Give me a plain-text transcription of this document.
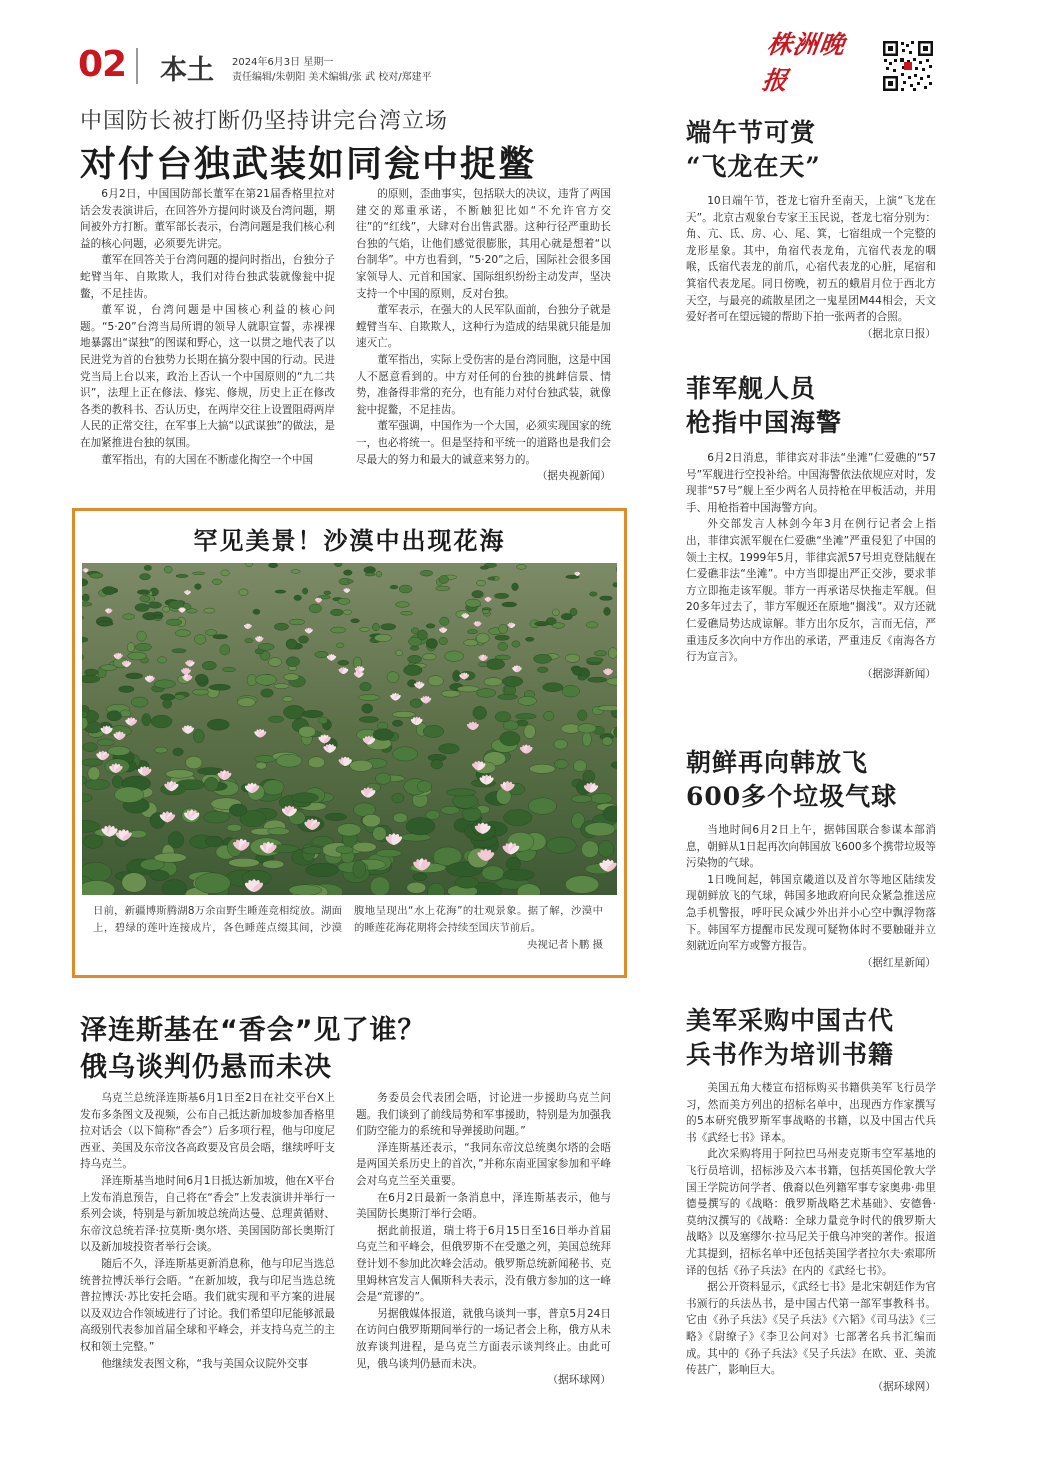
02 本土 2024年6月3日 星期一
责任编辑/朱朝阳 美术编辑/张 武 校对/郑建平
株洲晚报
中国防长被打断仍坚持讲完台湾立场
对付台独武装如同瓮中捉鳖

6月2日，中国国防部长董军在第21届香格里拉对话会发表演讲后，在回答外方提问时谈及台湾问题，期间被外方打断。董军部长表示，台湾问题是我们核心利益的核心问题，必须要先讲完。

董军在回答关于台湾问题的提问时指出，台独分子蛇臂当年、自欺欺人，我们对待台独武装就像瓮中捉鳖，不足挂齿。

董军说，台湾问题是中国核心利益的核心问题。“5·20”台湾当局所谓的领导人就职宣誓，赤裸裸地暴露出“谋独”的图谋和野心，这一以贯之地代表了以民进党为首的台独势力长期在搞分裂中国的行动。民进党当局上台以来，政治上否认一个中国原则的“九二共识”，法理上正在修法、修宪、修规，历史上正在修改各类的教科书、否认历史，在两岸交往上设置阻碍两岸人民的正常交往，在军事上大搞“以武谋独”的做法，是在加紧推进台独的氛围。

董军指出，有的大国在不断虚化掏空一个中国

的原则，歪曲事实，包括联大的决议，违背了两国建交的郑重承诺，不断触犯比如“不允许官方交往”的“红线”，大肆对台出售武器。这种行径严重助长台独的气焰，让他们感觉很膨胀，其用心就是想着“以台制华”。中方也看到，“5·20”之后，国际社会很多国家领导人、元首和国家、国际组织纷纷主动发声，坚决支持一个中国的原则，反对台独。

董军表示，在强大的人民军队面前，台独分子就是螳臂当车、自欺欺人，这种行为造成的结果就只能是加速灭亡。

董军指出，实际上受伤害的是台湾同胞，这是中国人不愿意看到的。中方对任何的台独的挑衅信景、情势，准备得非常的充分，也有能力对付台独武装，就像瓮中捉鳖，不足挂齿。

董军强调，中国作为一个大国，必须实现国家的统一，也必将统一。但是坚持和平统一的道路也是我们会尽最大的努力和最大的诚意来努力的。

（据央视新闻）
罕见美景！沙漠中出现花海
日前，新疆博斯腾湖8万余亩野生睡莲竞相绽放。湖面上，碧绿的莲叶连接成片，各色睡莲点缀其间，沙漠腹地呈现出“水上花海”的壮观景象。据了解，沙漠中的睡莲花海花期将会持续至国庆节前后。
央视记者卜鹏 摄
泽连斯基在“香会”见了谁？
俄乌谈判仍悬而未决

乌克兰总统泽连斯基6月1日至2日在社交平台X上发布多条图文及视频，公布自己抵达新加坡参加香格里拉对话会（以下简称“香会”）后多项行程，他与印度尼西亚、美国及东帝汶各高政要及官员会晤，继续呼吁支持乌克兰。

泽连斯基当地时间6月1日抵达新加坡，他在X平台上发布消息预告，自己将在“香会”上发表演讲并举行一系列会谈，特别是与新加坡总统尚达曼、总理黄循财、东帝汶总统若泽·拉莫斯·奥尔塔、美国国防部长奥斯汀以及新加坡投资者举行会谈。

随后不久，泽连斯基更新消息称，他与印尼当选总统普拉博沃举行会晤。“在新加坡，我与印尼当选总统普拉博沃·苏比安托会晤。我们就实现和平方案的进展以及双边合作领域进行了讨论。我们希望印尼能够派最高级别代表参加首届全球和平峰会，并支持乌克兰的主权和领土完整。”

他继续发表图文称，“我与美国众议院外交事

务委员会代表团会晤，讨论进一步援助乌克兰问题。我们谈到了前线局势和军事援助，特别是为加强我们防空能力的系统和导弹援助问题。”

泽连斯基还表示，“我同东帝汶总统奥尔塔的会晤是两国关系历史上的首次，”并称东南亚国家参加和平峰会对乌克兰至关重要。

在6月2日最新一条消息中，泽连斯基表示，他与美国防长奥斯汀举行会晤。

据此前报道，瑞士将于6月15日至16日举办首届乌克兰和平峰会，但俄罗斯不在受邀之列，美国总统拜登计划不参加此次峰会活动。俄罗斯总统新闻秘书、克里姆林宫发言人佩斯科夫表示，没有俄方参加的这一峰会是“荒谬的”。

另据俄媒体报道，就俄乌谈判一事，普京5月24日在访问白俄罗斯期间举行的一场记者会上称，俄方从未放弃谈判进程，是乌克兰方面表示谈判终止。由此可见，俄乌谈判仍悬而未决。

（据环球网）
端午节可赏
“飞龙在天”

10日端午节，苍龙七宿升至南天，上演“飞龙在天”。北京古观象台专家王玉民说，苍龙七宿分别为：角、亢、氐、房、心、尾、箕，七宿组成一个完整的龙形星象。其中，角宿代表龙角，亢宿代表龙的咽喉，氐宿代表龙的前爪，心宿代表龙的心脏，尾宿和箕宿代表龙尾。同日傍晚，初五的蛾眉月位于西北方天空，与最亮的疏散星团之一鬼星团M44相会，天文爱好者可在望远镜的帮助下拍一张两者的合照。

（据北京日报）
菲军舰人员
枪指中国海警

6月2日消息，菲律宾对非法“坐滩”仁爱礁的“57号”军舰进行空投补给。中国海警依法依规应对时，发现菲“57号”舰上至少两名人员持枪在甲板活动，并用手、用枪指着中国海警方向。

外交部发言人林剑今年3月在例行记者会上指出，菲律宾派军舰在仁爱礁“坐滩”严重侵犯了中国的领土主权。1999年5月，菲律宾派57号坦克登陆舰在仁爱礁非法“坐滩”。中方当即提出严正交涉，要求菲方立即拖走该军舰。菲方一再承诺尽快拖走军舰。但20多年过去了，菲方军舰还在原地“搁浅”。双方还就仁爱礁局势达成谅解。菲方出尔反尔，言而无信，严重违反多次向中方作出的承诺，严重违反《南海各方行为宣言》。

（据澎湃新闻）
朝鲜再向韩放飞
600多个垃圾气球

当地时间6月2日上午，据韩国联合参谋本部消息，朝鲜从1日起再次向韩国放飞600多个携带垃圾等污染物的气球。

1日晚间起，韩国京畿道以及首尔等地区陆续发现朝鲜放飞的气球，韩国多地政府向民众紧急推送应急手机警报，呼吁民众减少外出并小心空中飘浮物落下。韩国军方提醒市民发现可疑物体时不要触碰并立刻就近向军方或警方报告。

（据红星新闻）
美军采购中国古代
兵书作为培训书籍

美国五角大楼宣布招标购买书籍供美军飞行员学习，然而美方列出的招标名单中，出现西方作家撰写的5本研究俄罗斯军事战略的书籍，以及中国古代兵书《武经七书》译本。

此次采购将用于阿拉巴马州麦克斯韦空军基地的飞行员培训，招标涉及六本书籍，包括英国伦敦大学国王学院访问学者、俄裔以色列籍军事专家奥弗·弗里德曼撰写的《战略：俄罗斯战略艺术基础》、安德鲁·莫纳汉撰写的《战略：全球力量竞争时代的俄罗斯大战略》以及塞缪尔·拉马尼关于俄乌冲突的著作。报道尤其提到，招标名单中还包括美国学者拉尔夫·索耶所译的包括《孙子兵法》在内的《武经七书》。

据公开资料显示，《武经七书》是北宋朝廷作为官书颁行的兵法丛书，是中国古代第一部军事教科书。它由《孙子兵法》《吴子兵法》《六韬》《司马法》《三略》《尉缭子》《李卫公问对》七部著名兵书汇编而成。其中的《孙子兵法》《吴子兵法》在欧、亚、美流传甚广，影响巨大。

（据环球网）
